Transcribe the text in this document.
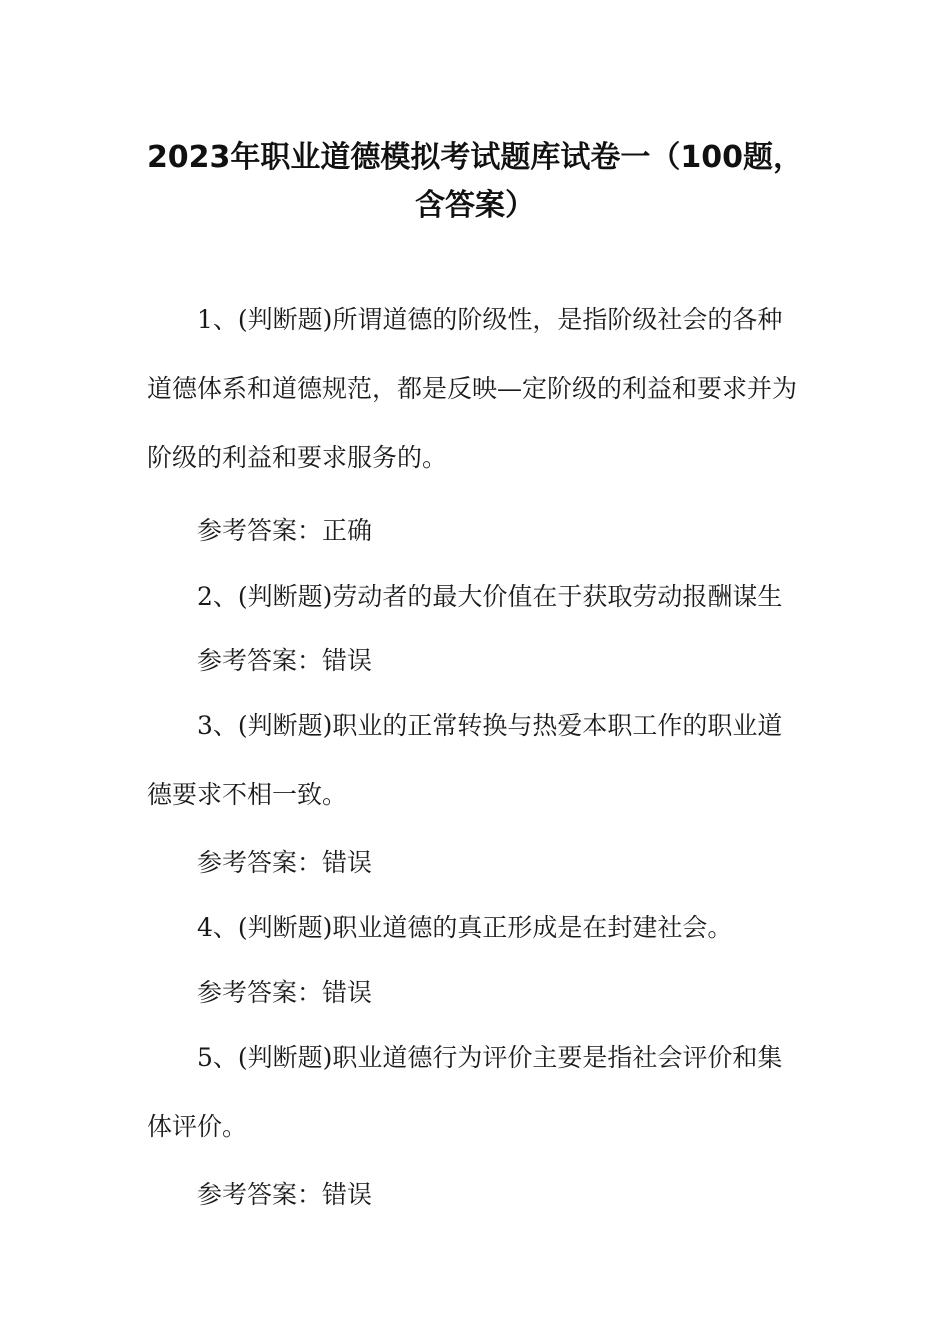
2023年职业道德模拟考试题库试卷一（100题，
含答案）

1、(判断题)所谓道德的阶级性，是指阶级社会的各种
道德体系和道德规范，都是反映—定阶级的利益和要求并为
阶级的利益和要求服务的。

参考答案：正确

2、(判断题)劳动者的最大价值在于获取劳动报酬谋生

参考答案：错误

3、(判断题)职业的正常转换与热爱本职工作的职业道
德要求不相一致。

参考答案：错误

4、(判断题)职业道德的真正形成是在封建社会。

参考答案：错误

5、(判断题)职业道德行为评价主要是指社会评价和集
体评价。

参考答案：错误
